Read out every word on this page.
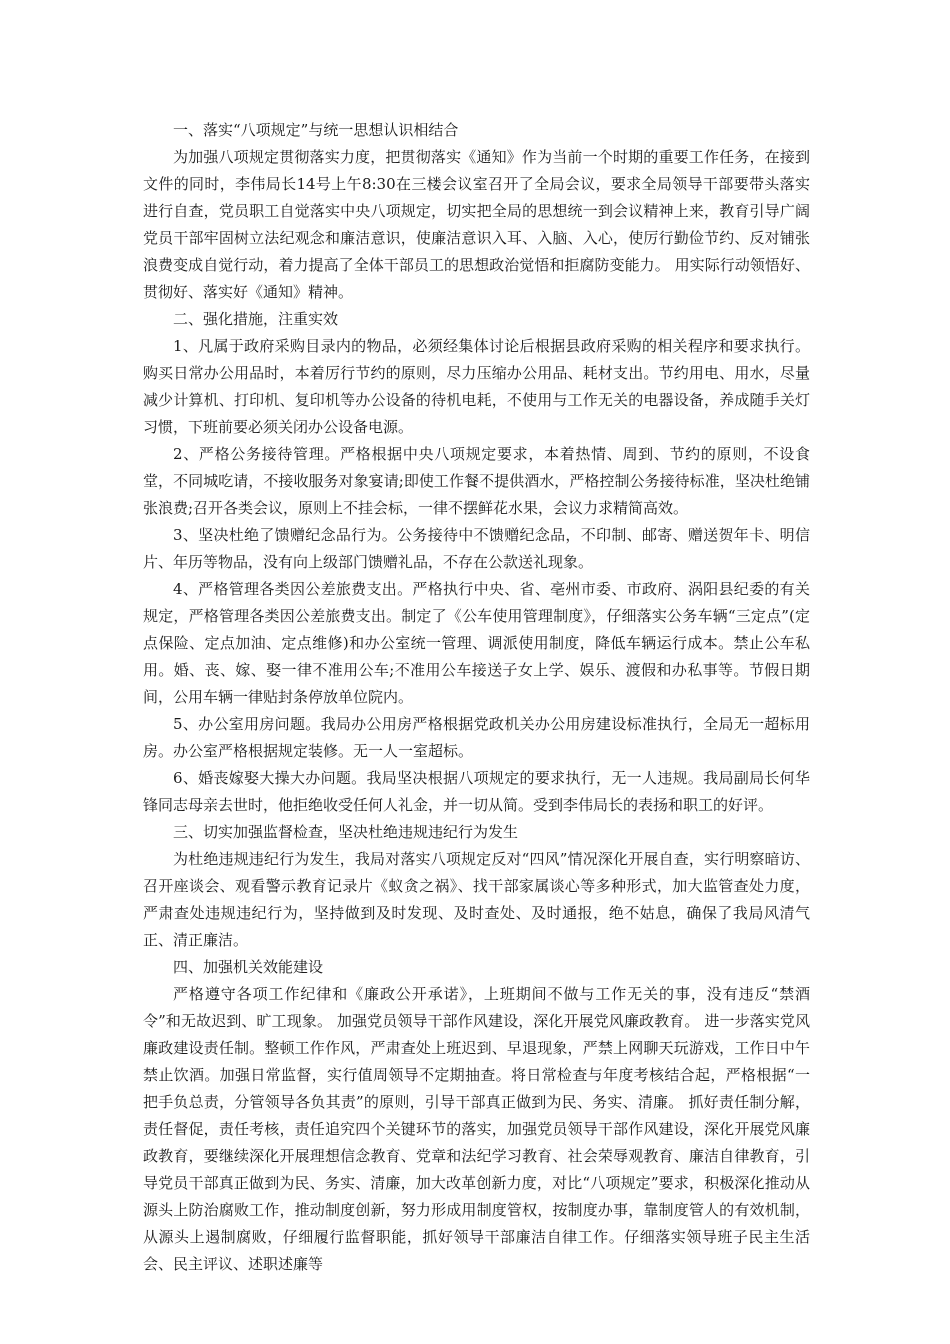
一、落实“八项规定”与统一思想认识相结合

为加强八项规定贯彻落实力度，把贯彻落实《通知》作为当前一个时期的重要工作任务，在接到文件的同时，李伟局长14号上午8:30在三楼会议室召开了全局会议，要求全局领导干部要带头落实进行自查，党员职工自觉落实中央八项规定，切实把全局的思想统一到会议精神上来，教育引导广阔党员干部牢固树立法纪观念和廉洁意识，使廉洁意识入耳、入脑、入心，使厉行勤俭节约、反对铺张浪费变成自觉行动，着力提高了全体干部员工的思想政治觉悟和拒腐防变能力。 用实际行动领悟好、贯彻好、落实好《通知》精神。

二、强化措施，注重实效

1、凡属于政府采购目录内的物品，必须经集体讨论后根据县政府采购的相关程序和要求执行。购买日常办公用品时，本着厉行节约的原则，尽力压缩办公用品、耗材支出。节约用电、用水，尽量减少计算机、打印机、复印机等办公设备的待机电耗，不使用与工作无关的电器设备，养成随手关灯习惯，下班前要必须关闭办公设备电源。

2、严格公务接待管理。严格根据中央八项规定要求，本着热情、周到、节约的原则，不设食堂，不同城吃请，不接收服务对象宴请;即使工作餐不提供酒水，严格控制公务接待标准，坚决杜绝铺张浪费;召开各类会议，原则上不挂会标，一律不摆鲜花水果，会议力求精简高效。

3、坚决杜绝了馈赠纪念品行为。公务接待中不馈赠纪念品，不印制、邮寄、赠送贺年卡、明信片、年历等物品，没有向上级部门馈赠礼品，不存在公款送礼现象。

4、严格管理各类因公差旅费支出。严格执行中央、省、亳州市委、市政府、涡阳县纪委的有关规定，严格管理各类因公差旅费支出。制定了《公车使用管理制度》，仔细落实公务车辆“三定点”(定点保险、定点加油、定点维修)和办公室统一管理、调派使用制度，降低车辆运行成本。禁止公车私用。婚、丧、嫁、娶一律不准用公车;不准用公车接送子女上学、娱乐、渡假和办私事等。节假日期间，公用车辆一律贴封条停放单位院内。

5、办公室用房问题。我局办公用房严格根据党政机关办公用房建设标准执行，全局无一超标用房。办公室严格根据规定装修。无一人一室超标。

6、婚丧嫁娶大操大办问题。我局坚决根据八项规定的要求执行，无一人违规。我局副局长何华锋同志母亲去世时，他拒绝收受任何人礼金，并一切从简。受到李伟局长的表扬和职工的好评。

三、切实加强监督检查，坚决杜绝违规违纪行为发生

为杜绝违规违纪行为发生，我局对落实八项规定反对“四风”情况深化开展自查，实行明察暗访、召开座谈会、观看警示教育记录片《蚁贪之祸》、找干部家属谈心等多种形式，加大监管查处力度，严肃查处违规违纪行为，坚持做到及时发现、及时查处、及时通报，绝不姑息，确保了我局风清气正、清正廉洁。

四、加强机关效能建设

严格遵守各项工作纪律和《廉政公开承诺》，上班期间不做与工作无关的事，没有违反“禁酒令”和无故迟到、旷工现象。 加强党员领导干部作风建设，深化开展党风廉政教育。 进一步落实党风廉政建设责任制。整顿工作作风，严肃查处上班迟到、早退现象，严禁上网聊天玩游戏，工作日中午禁止饮酒。加强日常监督，实行值周领导不定期抽查。将日常检查与年度考核结合起，严格根据“一把手负总责，分管领导各负其责”的原则，引导干部真正做到为民、务实、清廉。 抓好责任制分解，责任督促，责任考核，责任追究四个关键环节的落实，加强党员领导干部作风建设，深化开展党风廉政教育，要继续深化开展理想信念教育、党章和法纪学习教育、社会荣辱观教育、廉洁自律教育，引导党员干部真正做到为民、务实、清廉，加大改革创新力度，对比“八项规定”要求，积极深化推动从源头上防治腐败工作，推动制度创新，努力形成用制度管权，按制度办事，靠制度管人的有效机制，从源头上遏制腐败，仔细履行监督职能，抓好领导干部廉洁自律工作。仔细落实领导班子民主生活会、民主评议、述职述廉等
